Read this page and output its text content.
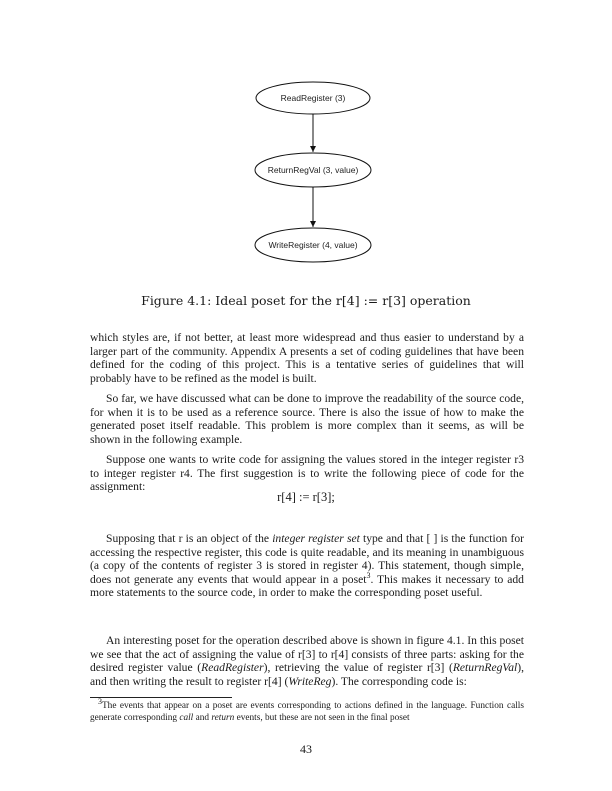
ReadRegister (3)
ReturnRegVal (3, value)
WriteRegister (4, value)
Figure 4.1: Ideal poset for the r[4] := r[3] operation

which styles are, if not better, at least more widespread and thus easier to understand by a larger part of the community. Appendix A presents a set of coding guidelines that have been defined for the coding of this project. This is a tentative series of guidelines that will probably have to be refined as the model is built.

So far, we have discussed what can be done to improve the readability of the source code, for when it is to be used as a reference source. There is also the issue of how to make the generated poset itself readable. This problem is more complex than it seems, as will be shown in the following example.

Suppose one wants to write code for assigning the values stored in the integer register r3 to integer register r4. The first suggestion is to write the following piece of code for the assignment:

r[4] := r[3];

Supposing that r is an object of the integer register set type and that [ ] is the function for accessing the respective register, this code is quite readable, and its meaning in unambiguous (a copy of the contents of register 3 is stored in register 4). This statement, though simple, does not generate any events that would appear in a poset$^3$. This makes it necessary to add more statements to the source code, in order to make the corresponding poset useful.

An interesting poset for the operation described above is shown in figure 4.1. In this poset we see that the act of assigning the value of r[3] to r[4] consists of three parts: asking for the desired register value (ReadRegister), retrieving the value of register r[3] (ReturnRegVal), and then writing the result to register r[4] (WriteReg). The corresponding code is:

$^3$The events that appear on a poset are events corresponding to actions defined in the language. Function calls generate corresponding call and return events, but these are not seen in the final poset
43
